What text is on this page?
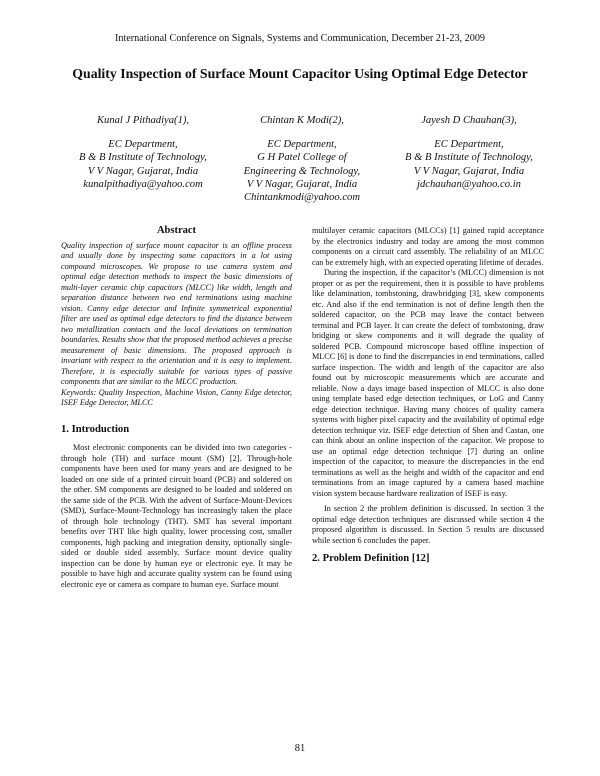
International Conference on Signals, Systems and Communication, December 21-23, 2009
Quality Inspection of Surface Mount Capacitor Using Optimal Edge Detector
Kunal J Pithadiya(1),
EC Department,
B & B Institute of Technology,
V V Nagar, Gujarat, India
kunalpithadiya@yahoo.com
Chintan K Modi(2),
EC Department,
G H Patel College of
Engineering & Technology,
V V Nagar, Gujarat, India
Chintankmodi@yahoo.com
Jayesh D Chauhan(3),
EC Department,
B & B Institute of Technology,
V V Nagar, Gujarat, India
jdchauhan@yahoo.co.in
Abstract

Quality inspection of surface mount capacitor is an offline process and usually done by inspecting some capacitors in a lot using compound microscopes. We propose to use camera system and optimal edge detection methods to inspect the basic dimensions of multi-layer ceramic chip capacitors (MLCC) like width, length and separation distance between two end terminations using machine vision. Canny edge detector and Infinite symmetrical exponential filter are used as optimal edge detectors to find the distance between two metallization contacts and the local deviations on termination boundaries. Results show that the proposed method achieves a precise measurement of basic dimensions. The proposed approach is invariant with respect to the orientation and it is easy to implement. Therefore, it is especially suitable for various types of passive components that are similar to the MLCC production.

Keywords: Quality Inspection, Machine Vision, Canny Edge detector, ISEF Edge Detector, MLCC
1. Introduction

Most electronic components can be divided into two categories - through hole (TH) and surface mount (SM) [2]. Through-hole components have been used for many years and are designed to be loaded on one side of a printed circuit board (PCB) and soldered on the other. SM components are designed to be loaded and soldered on the same side of the PCB. With the advent of Surface-Mount-Devices (SMD), Surface-Mount-Technology has increasingly taken the place of through hole technology (THT). SMT has several important benefits over THT like high quality, lower processing cost, smaller components, high packing and integration density, optionally single-sided or double sided assembly. Surface mount device quality inspection can be done by human eye or electronic eye. It may be possible to have high and accurate quality system can be found using electronic eye or camera as compare to human eye. Surface mount

multilayer ceramic capacitors (MLCCs) [1] gained rapid acceptance by the electronics industry and today are among the most common components on a circuit card assembly. The reliability of an MLCC can be extremely high, with an expected operating lifetime of decades.

During the inspection, if the capacitor’s (MLCC) dimension is not proper or as per the requirement, then it is possible to have problems like delamination, tombstoning, drawbridging [3], skew components etc. And also if the end termination is not of define length then the soldered capacitor, on the PCB may leave the contact between terminal and PCB layer. It can create the defect of tombstoning, draw bridging or skew components and it will degrade the quality of soldered PCB. Compound microscope based offline inspection of MLCC [6] is done to find the discrepancies in end terminations, called surface inspection. The width and length of the capacitor are also found out by microscopic measurements which are accurate and reliable. Now a days image based inspection of MLCC is also done using template based edge detection techniques, or LoG and Canny edge detection technique. Having many choices of quality camera systems with higher pixel capacity and the availability of optimal edge detection technique viz. ISEF edge detection of Shen and Castan, one can think about an online inspection of the capacitor. We propose to use an optimal edge detection technique [7] during an online inspection of the capacitor, to measure the discrepancies in the end terminations as well as the height and width of the capacitor and end terminations from an image captured by a camera based machine vision system because hardware realization of ISEF is easy.

In section 2 the problem definition is discussed. In section 3 the optimal edge detection techniques are discussed while section 4 the proposed algorithm is discussed. In Section 5 results are discussed while section 6 concludes the paper.

2. Problem Definition [12]
81
